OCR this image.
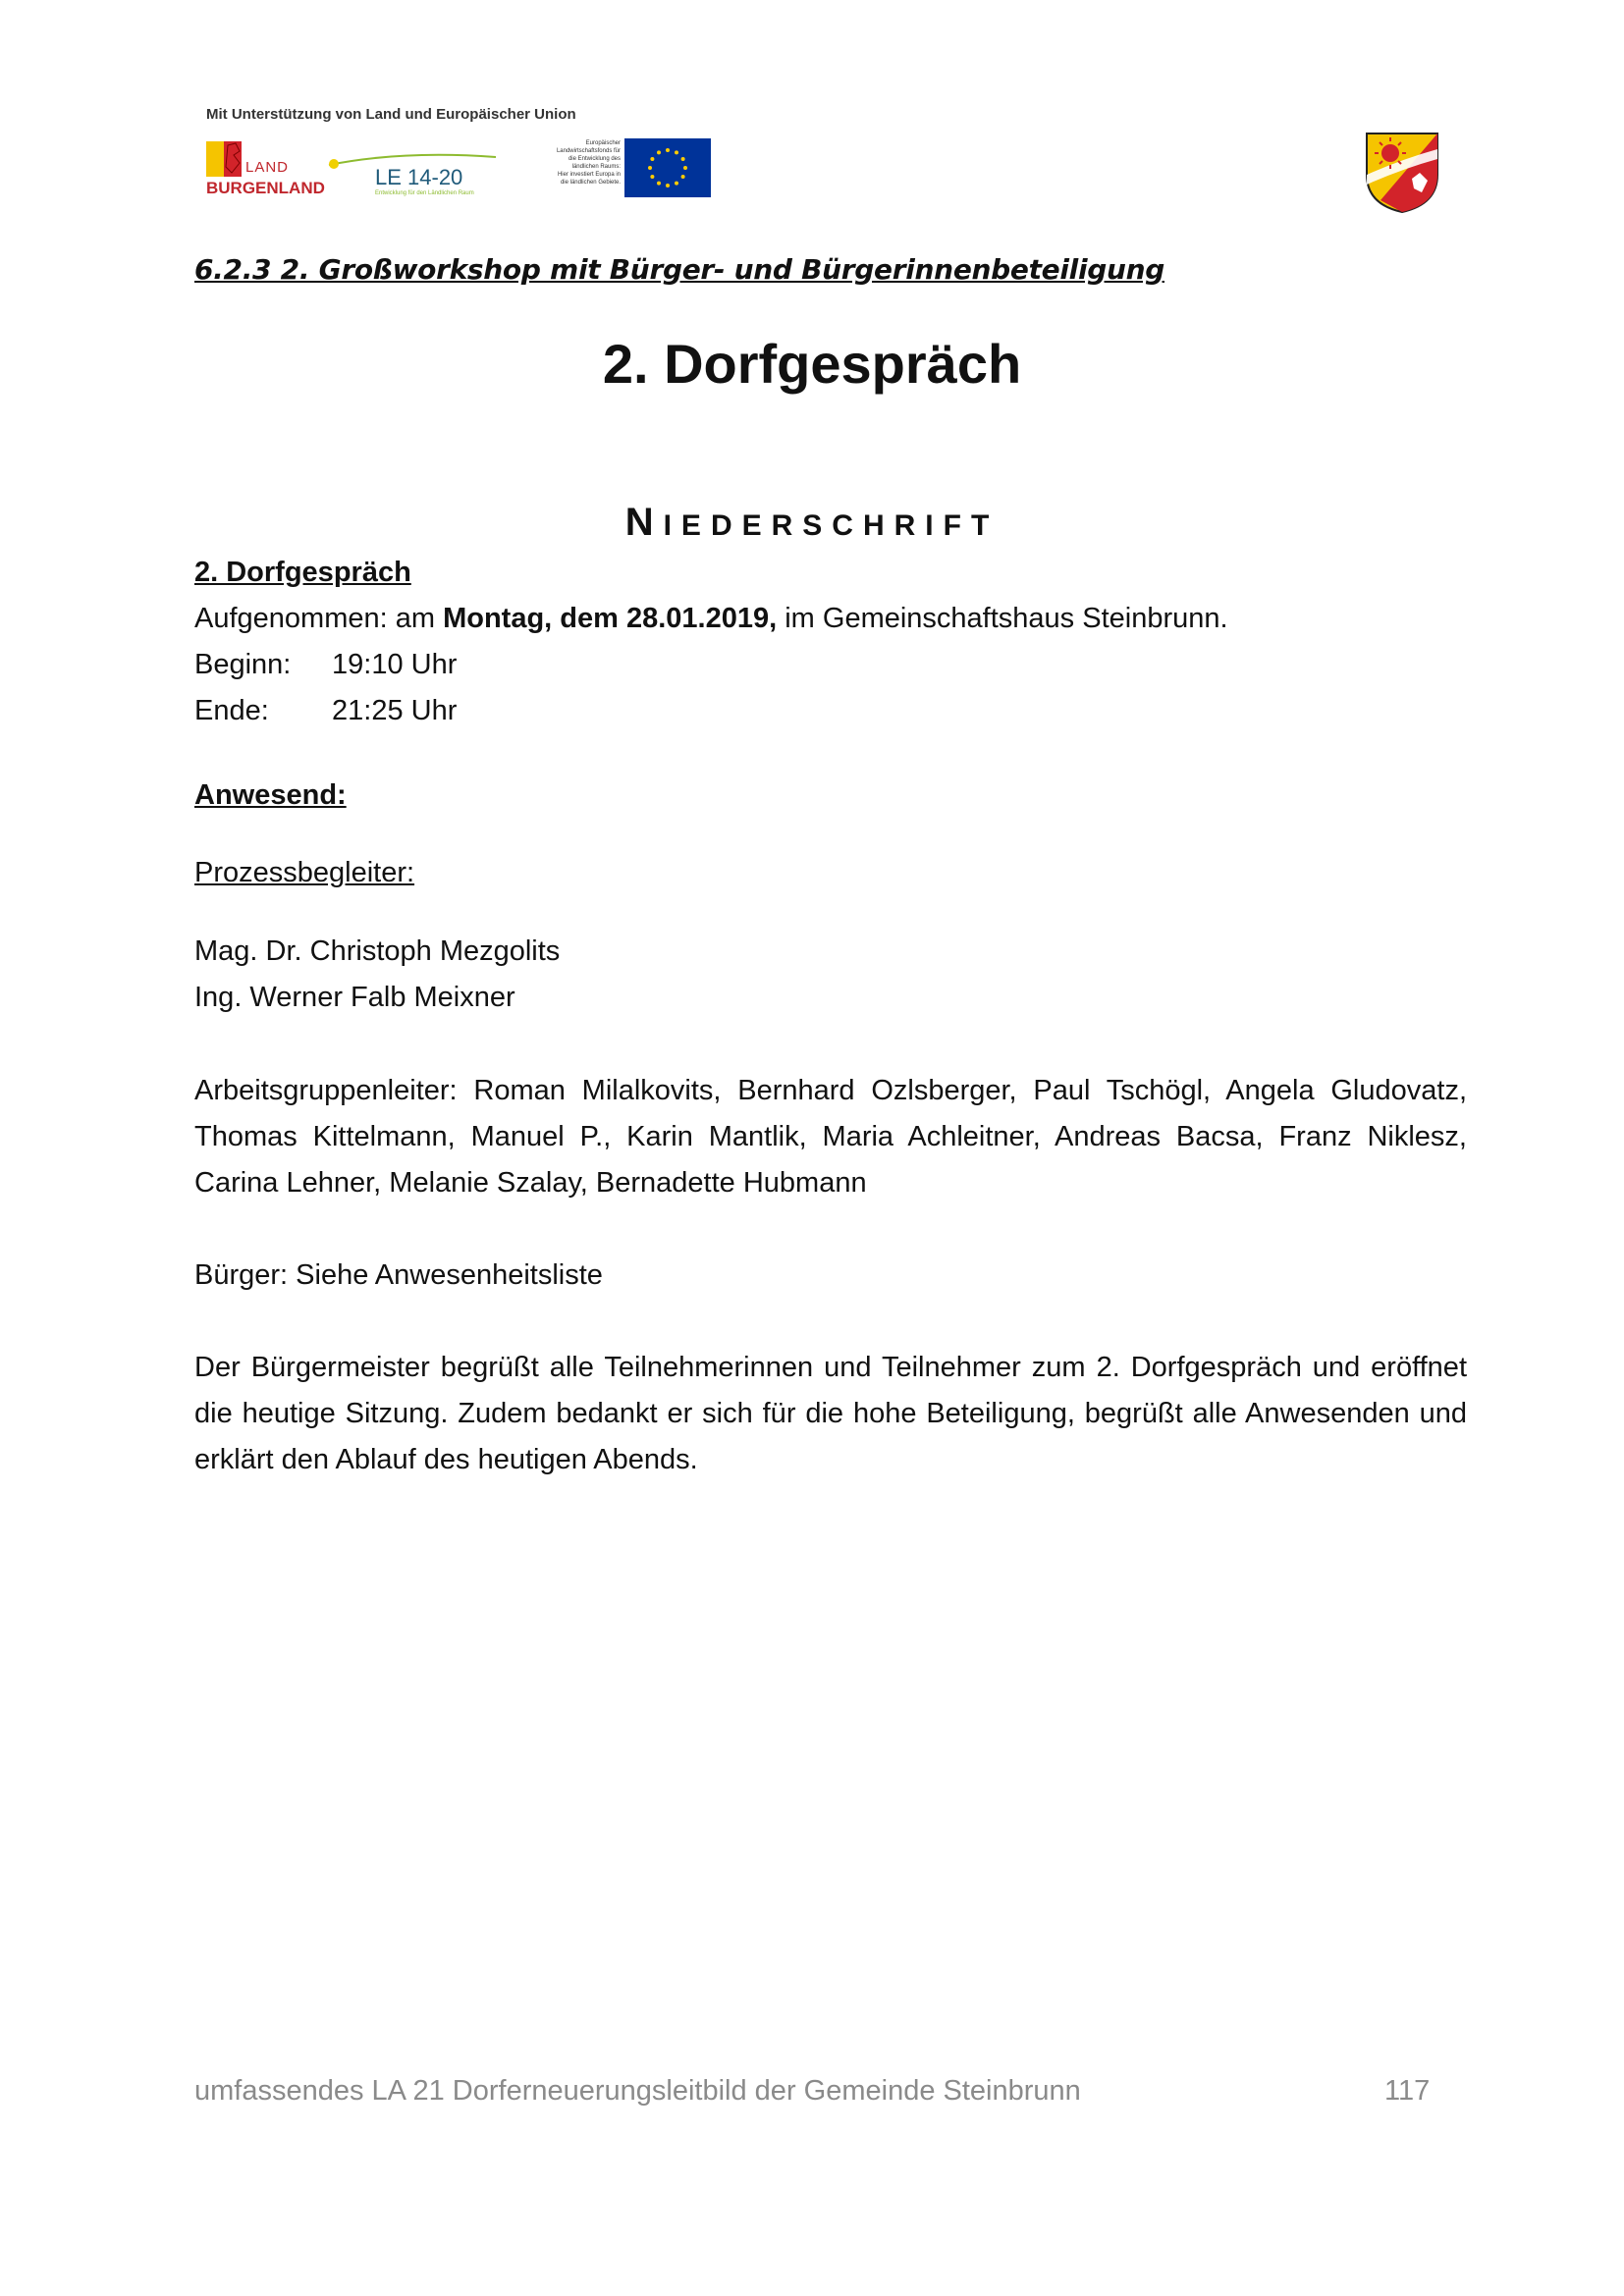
Mit Unterstützung von Land und Europäischer Union
LAND
BURGENLAND LE 14-20
Entwicklung für den Ländlichen Raum
Europäischer
Landwirtschaftsfonds für
die Entwicklung des
ländlichen Raums:
Hier investiert Europa in
die ländlichen Gebiete.
6.2.3 2. Großworkshop mit Bürger- und Bürgerinnenbeteiligung
2. Dorfgespräch
NIEDERSCHRIFT
2. Dorfgespräch
Aufgenommen: am Montag, dem 28.01.2019, im Gemeinschaftshaus Steinbrunn.
Beginn: 19:10 Uhr
Ende: 21:25 Uhr
Anwesend:
Prozessbegleiter:
Mag. Dr. Christoph Mezgolits
Ing. Werner Falb Meixner
Arbeitsgruppenleiter: Roman Milalkovits, Bernhard Ozlsberger, Paul Tschögl, Angela Gludovatz, Thomas Kittelmann, Manuel P., Karin Mantlik, Maria Achleitner, Andreas Bacsa, Franz Niklesz, Carina Lehner, Melanie Szalay, Bernadette Hubmann
Bürger: Siehe Anwesenheitsliste
Der Bürgermeister begrüßt alle Teilnehmerinnen und Teilnehmer zum 2. Dorfgespräch und eröffnet die heutige Sitzung. Zudem bedankt er sich für die hohe Beteiligung, begrüßt alle Anwesenden und erklärt den Ablauf des heutigen Abends.
umfassendes LA 21 Dorferneuerungsleitbild der Gemeinde Steinbrunn	117
